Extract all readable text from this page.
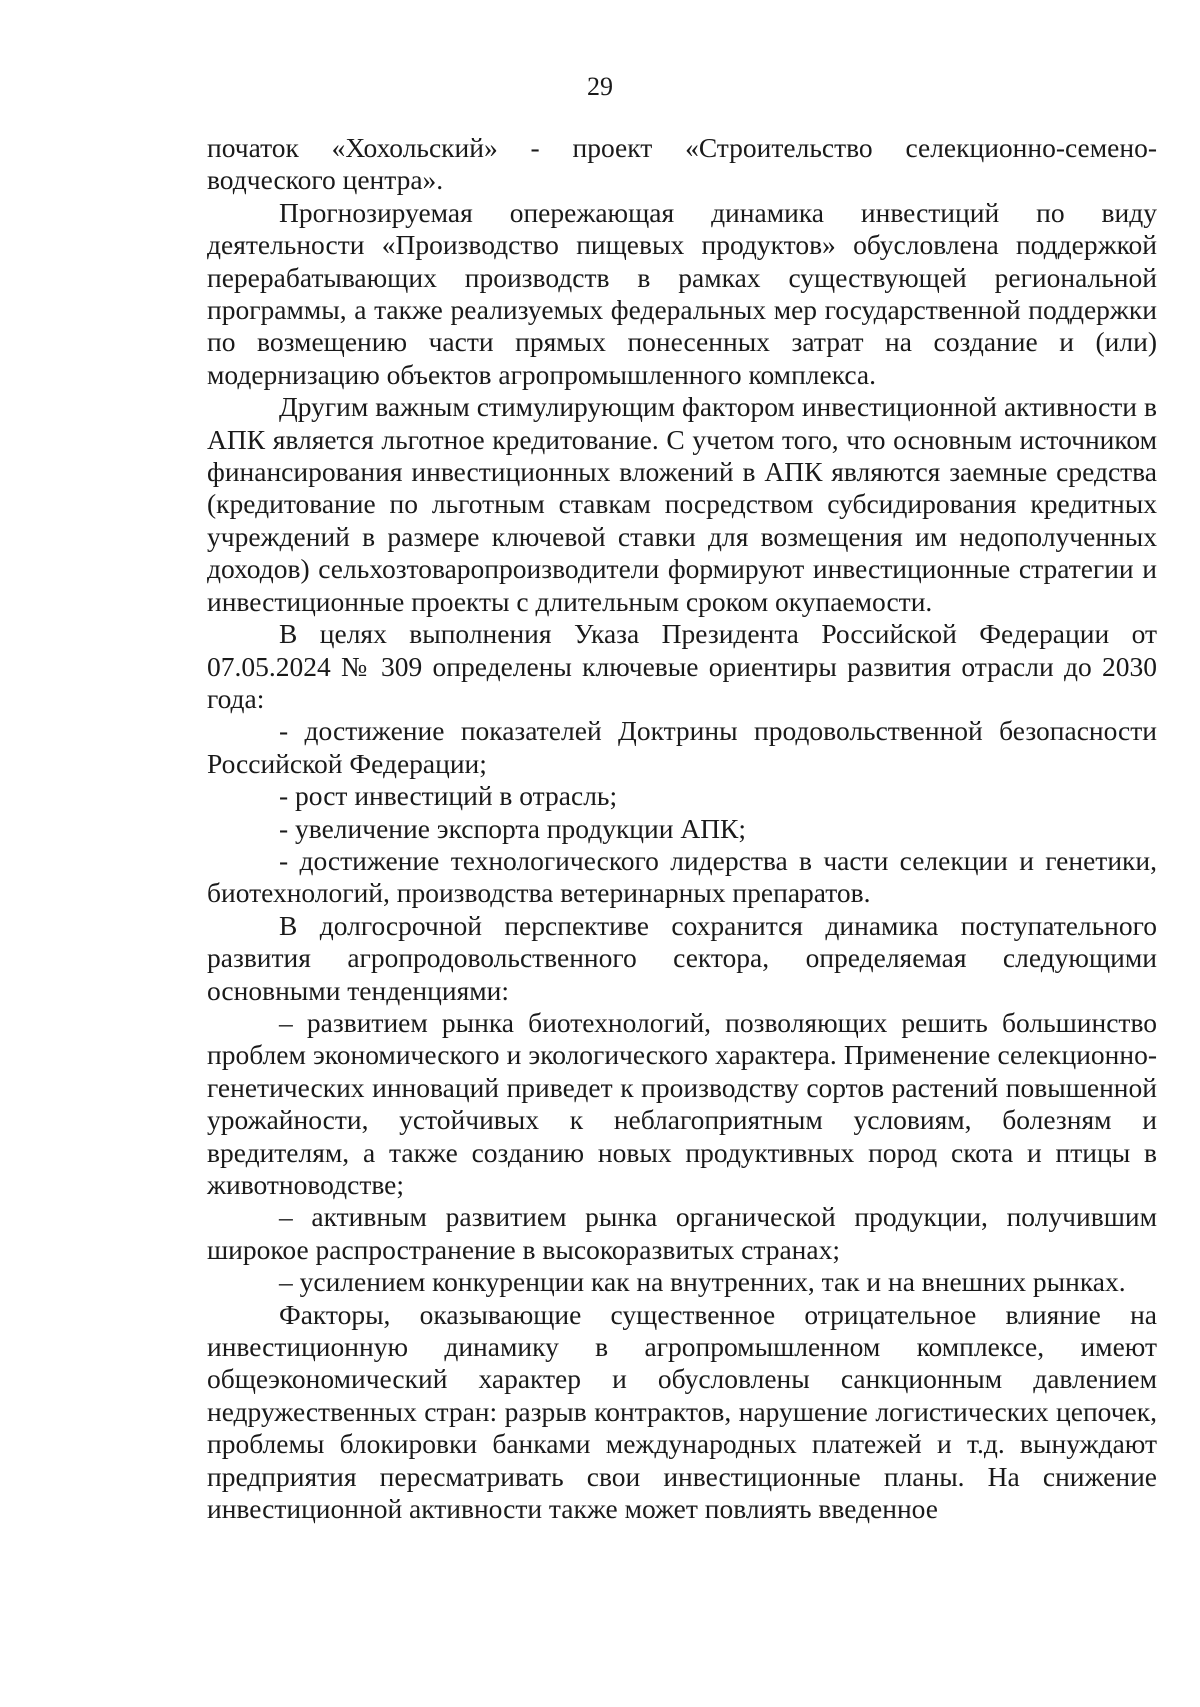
29

початок «Хохольский» - проект «Строительство селекционно-семено-
водческого центра».

Прогнозируемая опережающая динамика инвестиций по виду деятельности «Производство пищевых продуктов» обусловлена поддержкой перерабатывающих производств в рамках существующей региональной программы, а также реализуемых федеральных мер государственной поддержки по возмещению части прямых понесенных затрат на создание и (или) модернизацию объектов агропромышленного комплекса.

Другим важным стимулирующим фактором инвестиционной активности в АПК является льготное кредитование. С учетом того, что основным источником финансирования инвестиционных вложений в АПК являются заемные средства (кредитование по льготным ставкам посредством субсидирования кредитных учреждений в размере ключевой ставки для возмещения им недополученных доходов) сельхозтоваропроизводители формируют инвестиционные стратегии и инвестиционные проекты с длительным сроком окупаемости.

В целях выполнения Указа Президента Российской Федерации от 07.05.2024 № 309 определены ключевые ориентиры развития отрасли до 2030 года:

- достижение показателей Доктрины продовольственной безопасности Российской Федерации;

- рост инвестиций в отрасль;

- увеличение экспорта продукции АПК;

- достижение технологического лидерства в части селекции и генетики, биотехнологий, производства ветеринарных препаратов.

В долгосрочной перспективе сохранится динамика поступательного развития агропродовольственного сектора, определяемая следующими основными тенденциями:

– развитием рынка биотехнологий, позволяющих решить большинство проблем экономического и экологического характера. Применение селекционно-генетических инноваций приведет к производству сортов растений повышенной урожайности, устойчивых к неблагоприятным условиям, болезням и вредителям, а также созданию новых продуктивных пород скота и птицы в животноводстве;

– активным развитием рынка органической продукции, получившим широкое распространение в высокоразвитых странах;

– усилением конкуренции как на внутренних, так и на внешних рынках.

Факторы, оказывающие существенное отрицательное влияние на инвестиционную динамику в агропромышленном комплексе, имеют общеэкономический характер и обусловлены санкционным давлением недружественных стран: разрыв контрактов, нарушение логистических цепочек, проблемы блокировки банками международных платежей и т.д. вынуждают предприятия пересматривать свои инвестиционные планы. На снижение инвестиционной активности также может повлиять введенное
